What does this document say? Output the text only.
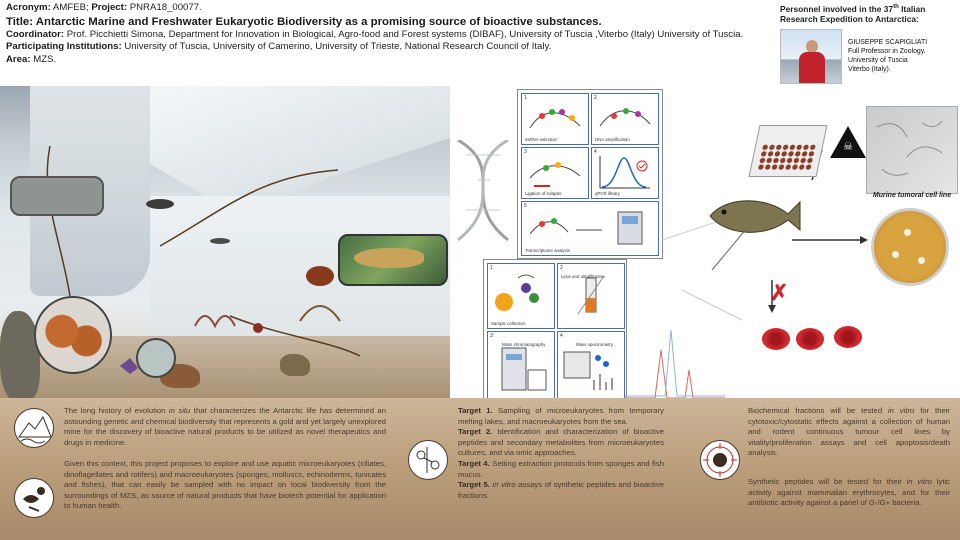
Acronym: AMFEB; Project: PNRA18_00077.
Title: Antarctic Marine and Freshwater Eukaryotic Biodiversity as a promising source of bioactive substances.
Coordinator: Prof. Picchietti Simona, Department for Innovation in Biological, Agro-food and Forest systems (DIBAF), University of Tuscia ,Viterbo (Italy) University of Tuscia.
Participating Institutions: University of Tuscia, University of Camerino, University of Trieste, National Research Council of Italy.
Area: MZS.
Personnel involved in the 37th Italian Research Expedition to Antarctica:
GIUSEPPE SCAPIGLIATI
Full Professor in Zoology.
University of Tuscia
Viterbo (Italy).
1
ssRNA selection
2
DNA amplification
3
Ligation of Adapter
4
qPCR library
5
Transcriptome analysis
1
Sample collection
2
Lysis and ultrafiltration
3
Mass chromatography
4
Mass spectrometry
☠
Murine tumoral cell line
✗
The long history of evolution in situ that characterizes the Antarctic life has determined an astounding genetic and chemical biodiversity that represents a gold and yet largely unexplored mine for the discovery of bioactive natural products to be utilized as novel therapeutics and drugs in medicine.
Given this context, this project proposes to explore and use aquatic microeukaryotes (ciliates, dinoflagellates and rotifers) and macroeukaryotes (sponges, molluscs, echinoderms, tunicates and fishes), that can easily be sampled with no impact on local biodiversity from the surroundings of MZS, as source of natural products that have biotech potential for application to human health.
Target 1. Sampling of microeukaryotes from temporary melting lakes, and macroeukaryotes from the sea.
Target 2. Identification and characterization of bioactive peptides and secondary metabolites from microeukaryotes cultures, and via omic approaches.
Target 4. Setting extraction protocols from sponges and fish mucus.
Target 5. in vitro assays of synthetic peptides and bioactive fractions.
Biochemical fractions will be tested in vitro for their cytotoxic/cytostatic effects against a collection of human and rodent continuous tumour cell lines by vitality/proliferation assays and cell apoptosis/death analysis.
Synthetic peptides will be tested for their in vitro lytic activity against mammalian erythrocytes, and for their antibiotic activity against a panel of G-/G+ bacteria.
